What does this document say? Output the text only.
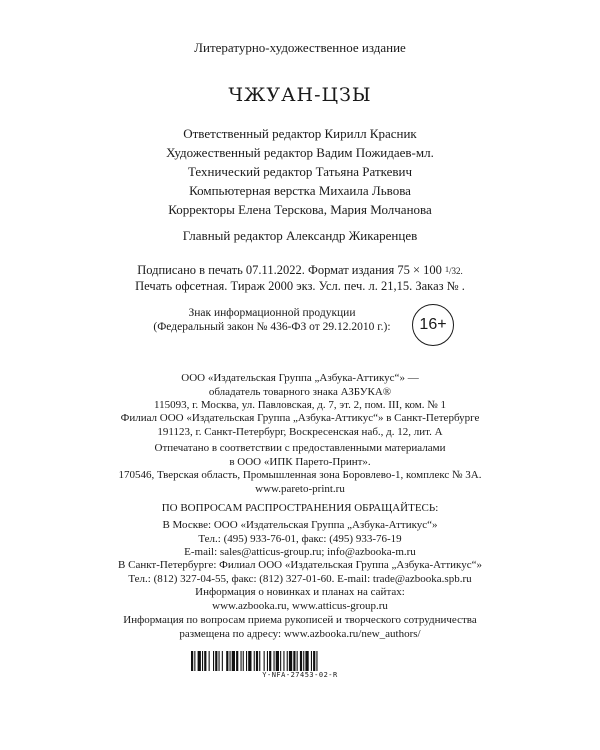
Литературно-художественное издание
ЧЖУАН-ЦЗЫ
Ответственный редактор Кирилл Красник
Художественный редактор Вадим Пожидаев-мл.
Технический редактор Татьяна Раткевич
Компьютерная верстка Михаила Львова
Корректоры Елена Терскова, Мария Молчанова
Главный редактор Александр Жикаренцев
Подписано в печать 07.11.2022. Формат издания 75 × 100 $^1$/32.
Печать офсетная. Тираж 2000 экз. Усл. печ. л. 21,15. Заказ № .
Знак информационной продукции
(Федеральный закон № 436-ФЗ от 29.12.2010 г.):	16+
ООО «Издательская Группа „Азбука-Аттикус“» —
обладатель товарного знака АЗБУКА®
115093, г. Москва, ул. Павловская, д. 7, эт. 2, пом. III, ком. № 1
Филиал ООО «Издательская Группа „Азбука-Аттикус“» в Санкт-Петербурге
191123, г. Санкт-Петербург, Воскресенская наб., д. 12, лит. А
Отпечатано в соответствии с предоставленными материалами
в ООО «ИПК Парето-Принт».
170546, Тверская область, Промышленная зона Боровлево-1, комплекс № 3А.
www.pareto-print.ru
ПО ВОПРОСАМ РАСПРОСТРАНЕНИЯ ОБРАЩАЙТЕСЬ:
В Москве: ООО «Издательская Группа „Азбука-Аттикус“»
Тел.: (495) 933-76-01, факс: (495) 933-76-19
E-mail: sales@atticus-group.ru; info@azbooka-m.ru
В Санкт-Петербурге: Филиал ООО «Издательская Группа „Азбука-Аттикус“»
Тел.: (812) 327-04-55, факс: (812) 327-01-60. E-mail: trade@azbooka.spb.ru
Информация о новинках и планах на сайтах:
www.azbooka.ru, www.atticus-group.ru
Информация по вопросам приема рукописей и творческого сотрудничества
размещена по адресу: www.azbooka.ru/new_authors/
Y-NFA-27453-02-R
